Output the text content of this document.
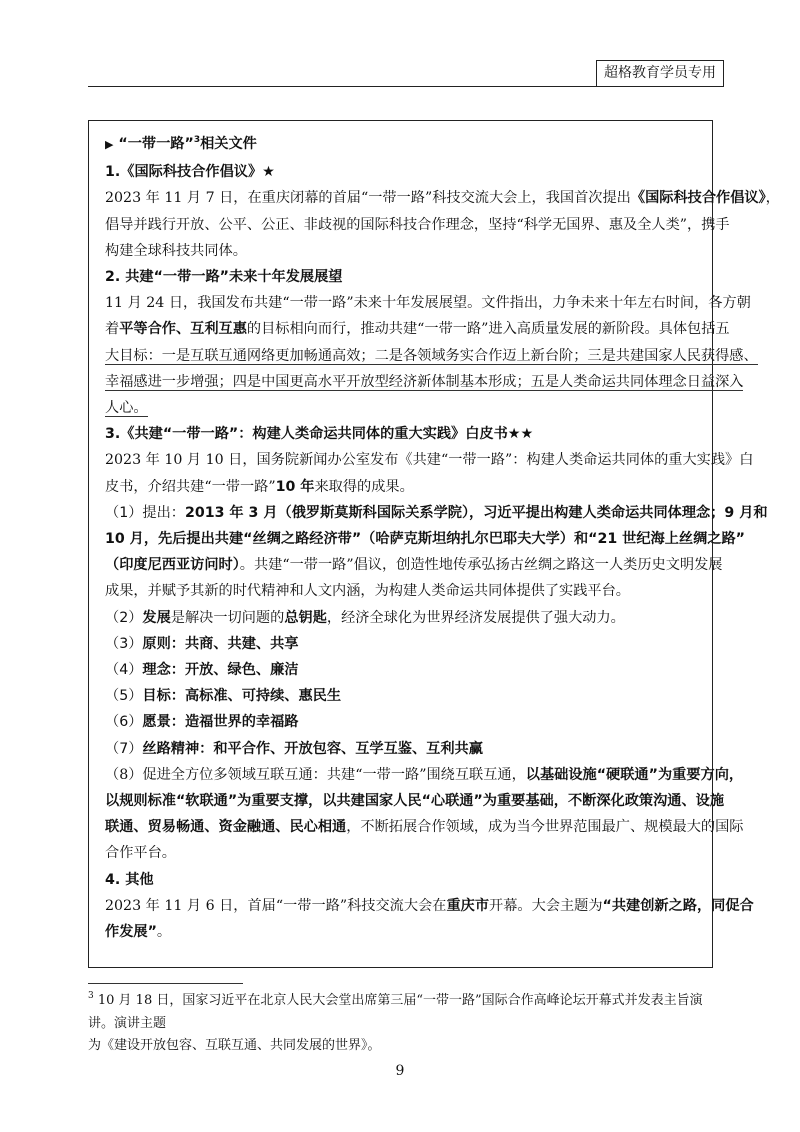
超格教育学员专用
▶ “一带一路”$^3$相关文件
1.《国际科技合作倡议》★
2023 年 11 月 7 日，在重庆闭幕的首届“一带一路”科技交流大会上，我国首次提出《国际科技合作倡议》，
倡导并践行开放、公平、公正、非歧视的国际科技合作理念，坚持“科学无国界、惠及全人类”，携手
构建全球科技共同体。
2. 共建“一带一路”未来十年发展展望
11 月 24 日，我国发布共建“一带一路”未来十年发展展望。文件指出，力争未来十年左右时间，各方朝
着平等合作、互利互惠的目标相向而行，推动共建“一带一路”进入高质量发展的新阶段。具体包括五
大目标：一是互联互通网络更加畅通高效；二是各领域务实合作迈上新台阶；三是共建国家人民获得感、
幸福感进一步增强；四是中国更高水平开放型经济新体制基本形成；五是人类命运共同体理念日益深入
人心。
3.《共建“一带一路”：构建人类命运共同体的重大实践》白皮书★★
2023 年 10 月 10 日，国务院新闻办公室发布《共建“一带一路”：构建人类命运共同体的重大实践》白
皮书，介绍共建“一带一路”10 年来取得的成果。
（1）提出：2013 年 3 月（俄罗斯莫斯科国际关系学院），习近平提出构建人类命运共同体理念；9 月和
10 月，先后提出共建“丝绸之路经济带”（哈萨克斯坦纳扎尔巴耶夫大学）和“21 世纪海上丝绸之路”
（印度尼西亚访问时）。共建“一带一路”倡议，创造性地传承弘扬古丝绸之路这一人类历史文明发展
成果，并赋予其新的时代精神和人文内涵，为构建人类命运共同体提供了实践平台。
（2）发展是解决一切问题的总钥匙，经济全球化为世界经济发展提供了强大动力。
（3）原则：共商、共建、共享
（4）理念：开放、绿色、廉洁
（5）目标：高标准、可持续、惠民生
（6）愿景：造福世界的幸福路
（7）丝路精神：和平合作、开放包容、互学互鉴、互利共赢
（8）促进全方位多领域互联互通：共建“一带一路”围绕互联互通，以基础设施“硬联通”为重要方向，
以规则标准“软联通”为重要支撑，以共建国家人民“心联通”为重要基础，不断深化政策沟通、设施
联通、贸易畅通、资金融通、民心相通，不断拓展合作领域，成为当今世界范围最广、规模最大的国际
合作平台。
4. 其他
2023 年 11 月 6 日，首届“一带一路”科技交流大会在重庆市开幕。大会主题为“共建创新之路，同促合
作发展”。
$^3$ 10 月 18 日，国家习近平在北京人民大会堂出席第三届“一带一路”国际合作高峰论坛开幕式并发表主旨演讲。演讲主题
为《建设开放包容、互联互通、共同发展的世界》。
9
